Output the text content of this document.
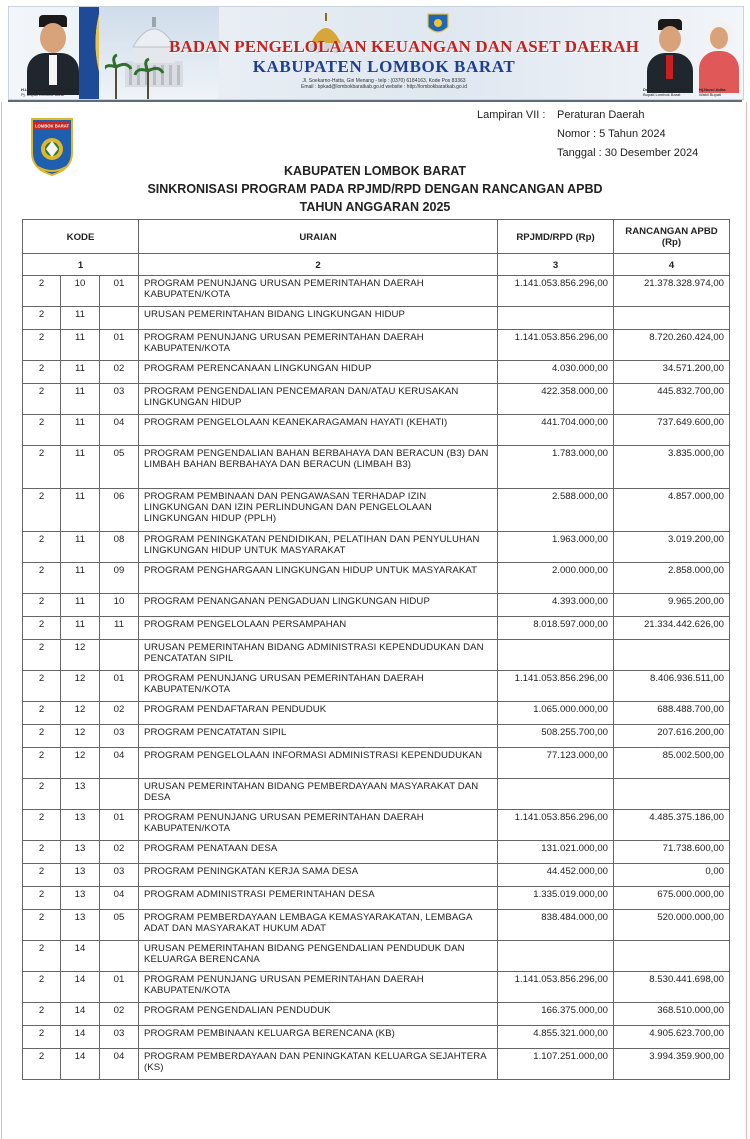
H.LALU AHMAD ZAINI, SE.MM
Pj. Bupati Lombok Barat
BADAN PENGELOLAAN KEUANGAN DAN ASET DAERAH
KABUPATEN LOMBOK BARAT
Jl. Soekarno-Hatta, Giri Menang - telp : (0370) 6184163, Kode Pos 83363
Email : bpkad@lombokbaratkab.go.id website : http://lombokbaratkab.go.id	Drs. H.Lalu Ahmad Zaini
Bupati Lombok Barat
Hj.Nurul Adha
Wakil Bupati
Lampiran VII : Peraturan Daerah
Nomor : 5 Tahun 2024
Tanggal : 30 Desember 2024
LOMBOK BARAT
KABUPATEN LOMBOK BARAT
SINKRONISASI PROGRAM PADA RPJMD/RPD DENGAN RANCANGAN APBD
TAHUN ANGGARAN 2025
KODE			URAIAN	RPJMD/RPD (Rp)	RANCANGAN APBD (Rp)
1			2	3	4
2	10	01	PROGRAM PENUNJANG URUSAN PEMERINTAHAN DAERAH KABUPATEN/KOTA	1.141.053.856.296,00	21.378.328.974,00
2	11		URUSAN PEMERINTAHAN BIDANG LINGKUNGAN HIDUP		
2	11	01	PROGRAM PENUNJANG URUSAN PEMERINTAHAN DAERAH KABUPATEN/KOTA	1.141.053.856.296,00	8.720.260.424,00
2	11	02	PROGRAM PERENCANAAN LINGKUNGAN HIDUP	4.030.000,00	34.571.200,00
2	11	03	PROGRAM PENGENDALIAN PENCEMARAN DAN/ATAU KERUSAKAN LINGKUNGAN HIDUP	422.358.000,00	445.832.700,00
2	11	04	PROGRAM PENGELOLAAN KEANEKARAGAMAN HAYATI (KEHATI)	441.704.000,00	737.649.600,00
2	11	05	PROGRAM PENGENDALIAN BAHAN BERBAHAYA DAN BERACUN (B3) DAN LIMBAH BAHAN BERBAHAYA DAN BERACUN (LIMBAH B3)	1.783.000,00	3.835.000,00
2	11	06	PROGRAM PEMBINAAN DAN PENGAWASAN TERHADAP IZIN LINGKUNGAN DAN IZIN PERLINDUNGAN DAN PENGELOLAAN LINGKUNGAN HIDUP (PPLH)	2.588.000,00	4.857.000,00
2	11	08	PROGRAM PENINGKATAN PENDIDIKAN, PELATIHAN DAN PENYULUHAN LINGKUNGAN HIDUP UNTUK MASYARAKAT	1.963.000,00	3.019.200,00
2	11	09	PROGRAM PENGHARGAAN LINGKUNGAN HIDUP UNTUK MASYARAKAT	2.000.000,00	2.858.000,00
2	11	10	PROGRAM PENANGANAN PENGADUAN LINGKUNGAN HIDUP	4.393.000,00	9.965.200,00
2	11	11	PROGRAM PENGELOLAAN PERSAMPAHAN	8.018.597.000,00	21.334.442.626,00
2	12		URUSAN PEMERINTAHAN BIDANG ADMINISTRASI KEPENDUDUKAN DAN PENCATATAN SIPIL		
2	12	01	PROGRAM PENUNJANG URUSAN PEMERINTAHAN DAERAH KABUPATEN/KOTA	1.141.053.856.296,00	8.406.936.511,00
2	12	02	PROGRAM PENDAFTARAN PENDUDUK	1.065.000.000,00	688.488.700,00
2	12	03	PROGRAM PENCATATAN SIPIL	508.255.700,00	207.616.200,00
2	12	04	PROGRAM PENGELOLAAN INFORMASI ADMINISTRASI KEPENDUDUKAN	77.123.000,00	85.002.500,00
2	13		URUSAN PEMERINTAHAN BIDANG PEMBERDAYAAN MASYARAKAT DAN DESA		
2	13	01	PROGRAM PENUNJANG URUSAN PEMERINTAHAN DAERAH KABUPATEN/KOTA	1.141.053.856.296,00	4.485.375.186,00
2	13	02	PROGRAM PENATAAN DESA	131.021.000,00	71.738.600,00
2	13	03	PROGRAM PENINGKATAN KERJA SAMA DESA	44.452.000,00	0,00
2	13	04	PROGRAM ADMINISTRASI PEMERINTAHAN DESA	1.335.019.000,00	675.000.000,00
2	13	05	PROGRAM PEMBERDAYAAN LEMBAGA KEMASYARAKATAN, LEMBAGA ADAT DAN MASYARAKAT HUKUM ADAT	838.484.000,00	520.000.000,00
2	14		URUSAN PEMERINTAHAN BIDANG PENGENDALIAN PENDUDUK DAN KELUARGA BERENCANA		
2	14	01	PROGRAM PENUNJANG URUSAN PEMERINTAHAN DAERAH KABUPATEN/KOTA	1.141.053.856.296,00	8.530.441.698,00
2	14	02	PROGRAM PENGENDALIAN PENDUDUK	166.375.000,00	368.510.000,00
2	14	03	PROGRAM PEMBINAAN KELUARGA BERENCANA (KB)	4.855.321.000,00	4.905.623.700,00
2	14	04	PROGRAM PEMBERDAYAAN DAN PENINGKATAN KELUARGA SEJAHTERA (KS)	1.107.251.000,00	3.994.359.900,00
